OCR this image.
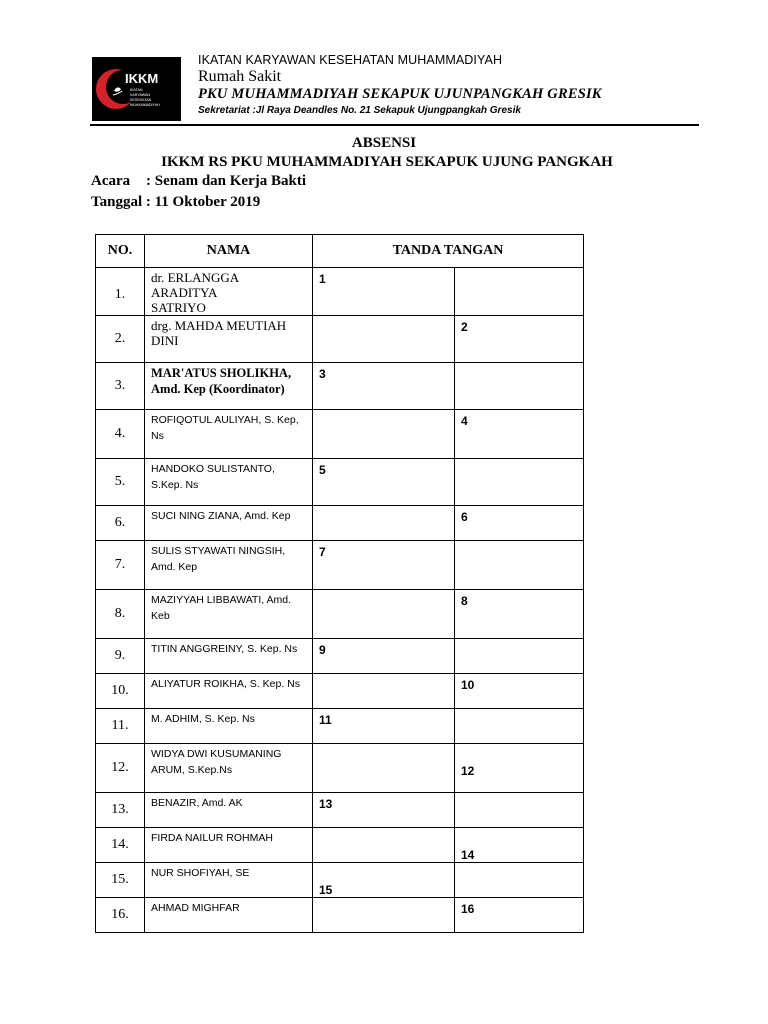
IKKM
IKATAN
KARYAWAN
KESEHATAN
MUHAMMADIYAH
IKATAN KARYAWAN KESEHATAN MUHAMMADIYAH
Rumah Sakit
PKU MUHAMMADIYAH SEKAPUK UJUNPANGKAH GRESIK
Sekretariat :Jl Raya Deandles No. 21 Sekapuk Ujungpangkah Gresik
ABSENSI
IKKM RS PKU MUHAMMADIYAH SEKAPUK UJUNG PANGKAH
Acara : Senam dan Kerja Bakti
Tanggal : 11 Oktober 2019
NO.	NAMA	TANDA TANGAN	
1.	dr. ERLANGGA ARADITYA
SATRIYO	1	

2.	drg. MAHDA MEUTIAH
DINI		2

3.	MAR'ATUS SHOLIKHA,
Amd. Kep (Koordinator)	3	

4.	ROFIQOTUL AULIYAH, S. Kep,
Ns		4

5.	HANDOKO SULISTANTO,
S.Kep. Ns	5	

6.	SUCI NING ZIANA, Amd. Kep		6

7.	SULIS STYAWATI NINGSIH,
Amd. Kep	7	

8.	MAZIYYAH LIBBAWATI, Amd.
Keb		8

9.	TITIN ANGGREINY, S. Kep. Ns	9	

10.	ALIYATUR ROIKHA, S. Kep. Ns		10

11.	M. ADHIM, S. Kep. Ns	11	

12.	WIDYA DWI KUSUMANING
ARUM, S.Kep.Ns		12

13.	BENAZIR, Amd. AK	13	

14.	FIRDA NAILUR ROHMAH		14

15.	NUR SHOFIYAH, SE	15	

16.	AHMAD MIGHFAR		16
